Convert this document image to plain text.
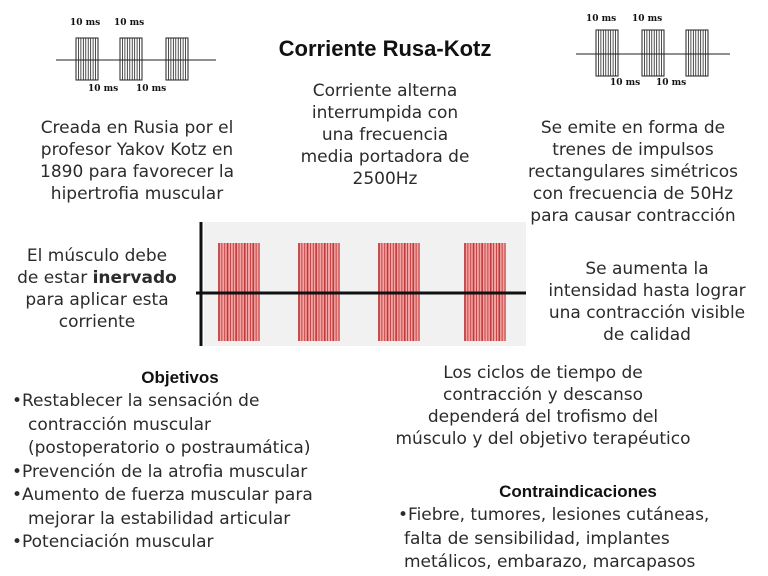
Corriente Rusa-Kotz
10 ms 10 ms
10 ms 10 ms
10 ms 10 ms
10 ms 10 ms
Corriente alterna
interrumpida con
una frecuencia
media portadora de
2500Hz
Creada en Rusia por el
profesor Yakov Kotz en
1890 para favorecer la
hipertrofia muscular
Se emite en forma de
trenes de impulsos
rectangulares simétricos
con frecuencia de 50Hz
para causar contracción
El músculo debe
de estar inervado
para aplicar esta
corriente
Se aumenta la
intensidad hasta lograr
una contracción visible
de calidad
Objetivos
• Restablecer la sensación de
contracción muscular
(postoperatorio o postraumática)
• Prevención de la atrofia muscular
• Aumento de fuerza muscular para
mejorar la estabilidad articular
• Potenciación muscular
Los ciclos de tiempo de
contracción y descanso
dependerá del trofismo del
músculo y del objetivo terapéutico
Contraindicaciones
•Fiebre, tumores, lesiones cutáneas,
falta de sensibilidad, implantes
metálicos, embarazo, marcapasos
